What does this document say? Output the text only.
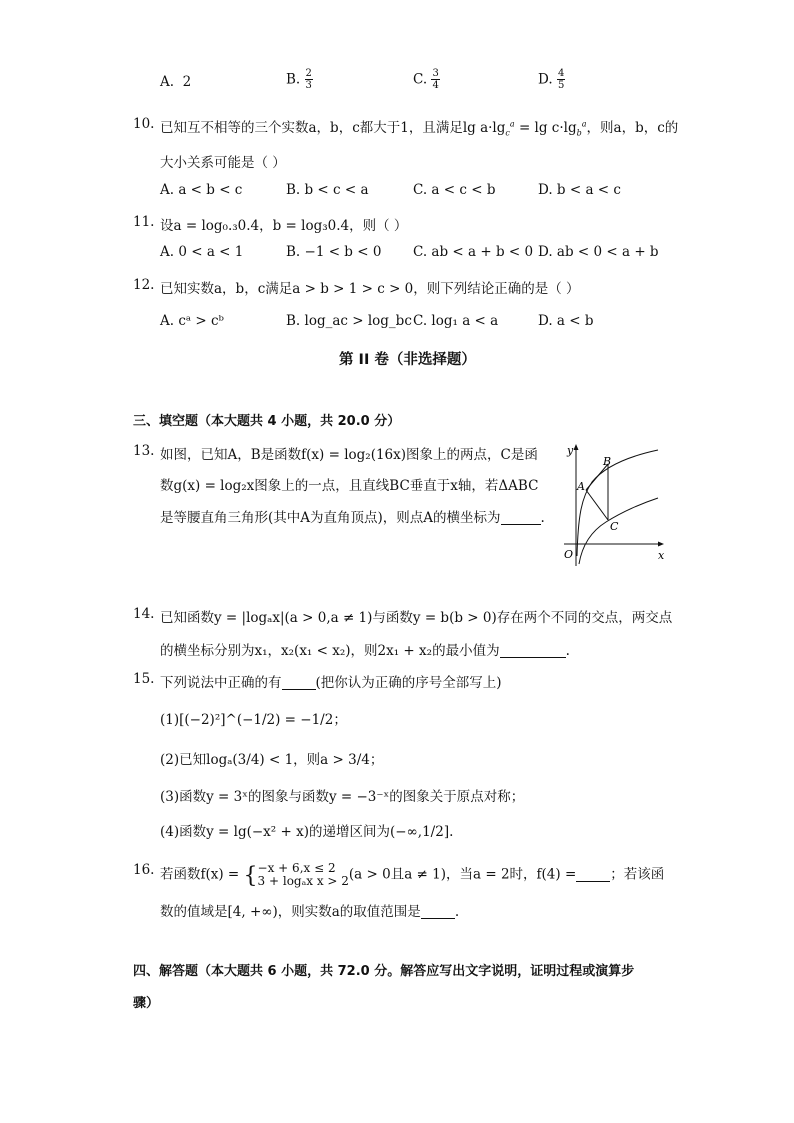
A. 2	B. $\frac{2}{3}$	C. $\frac{3}{4}$	D. $\frac{4}{5}$
10. 已知互不相等的三个实数a，b，c都大于1，且满足$\lg a\cdot\lg_c^a = \lg c\cdot\lg_b^a$，则a，b，c的
大小关系可能是（ ）
A. a < b < c	B. b < c < a	C. a < c < b	D. b < a < c
11. 设a = log₀.₃0.4，b = log₃0.4，则（ ）
A. 0 < a < 1	B. −1 < b < 0 C. ab < a + b < 0 D. ab < 0 < a + b
12. 已知实数a，b，c满足a > b > 1 > c > 0，则下列结论正确的是（ ）
A. cᵃ > cᵇ	B. log_ac > log_bc C. log₁ a < a	D. a < b
第 II 卷（非选择题）
三、填空题（本大题共 4 小题，共 20.0 分）
13. 如图，已知A，B是函数f(x) = log₂(16x)图象上的两点，C是函
数g(x) = log₂x图象上的一点，且直线BC垂直于x轴，若ΔABC
是等腰直角三角形(其中A为直角顶点)，则点A的横坐标为	.
y
x
O
A
B
C
14. 已知函数y = |logₐx|(a > 0,a ≠ 1)与函数y = b(b > 0)存在两个不同的交点，两交点
的横坐标分别为x₁，x₂(x₁ < x₂)，则2x₁ + x₂的最小值为	.
15. 下列说法中正确的有	(把你认为正确的序号全部写上)
(1)[(−2)²]^(−1/2) = −1/2；
(2)已知logₐ(3/4) < 1，则a > 3/4；
(3)函数y = 3ˣ的图象与函数y = −3⁻ˣ的图象关于原点对称；
(4)函数y = lg(−x² + x)的递增区间为(−∞,1/2].
16. 若函数f(x) = { −x + 6,x ≤ 2
3 + logₐx x > 2 (a > 0且a ≠ 1)，当a = 2时，f(4) =	；若该函
数的值域是[4, +∞)，则实数a的取值范围是	.
四、解答题（本大题共 6 小题，共 72.0 分。解答应写出文字说明，证明过程或演算步
骤）
